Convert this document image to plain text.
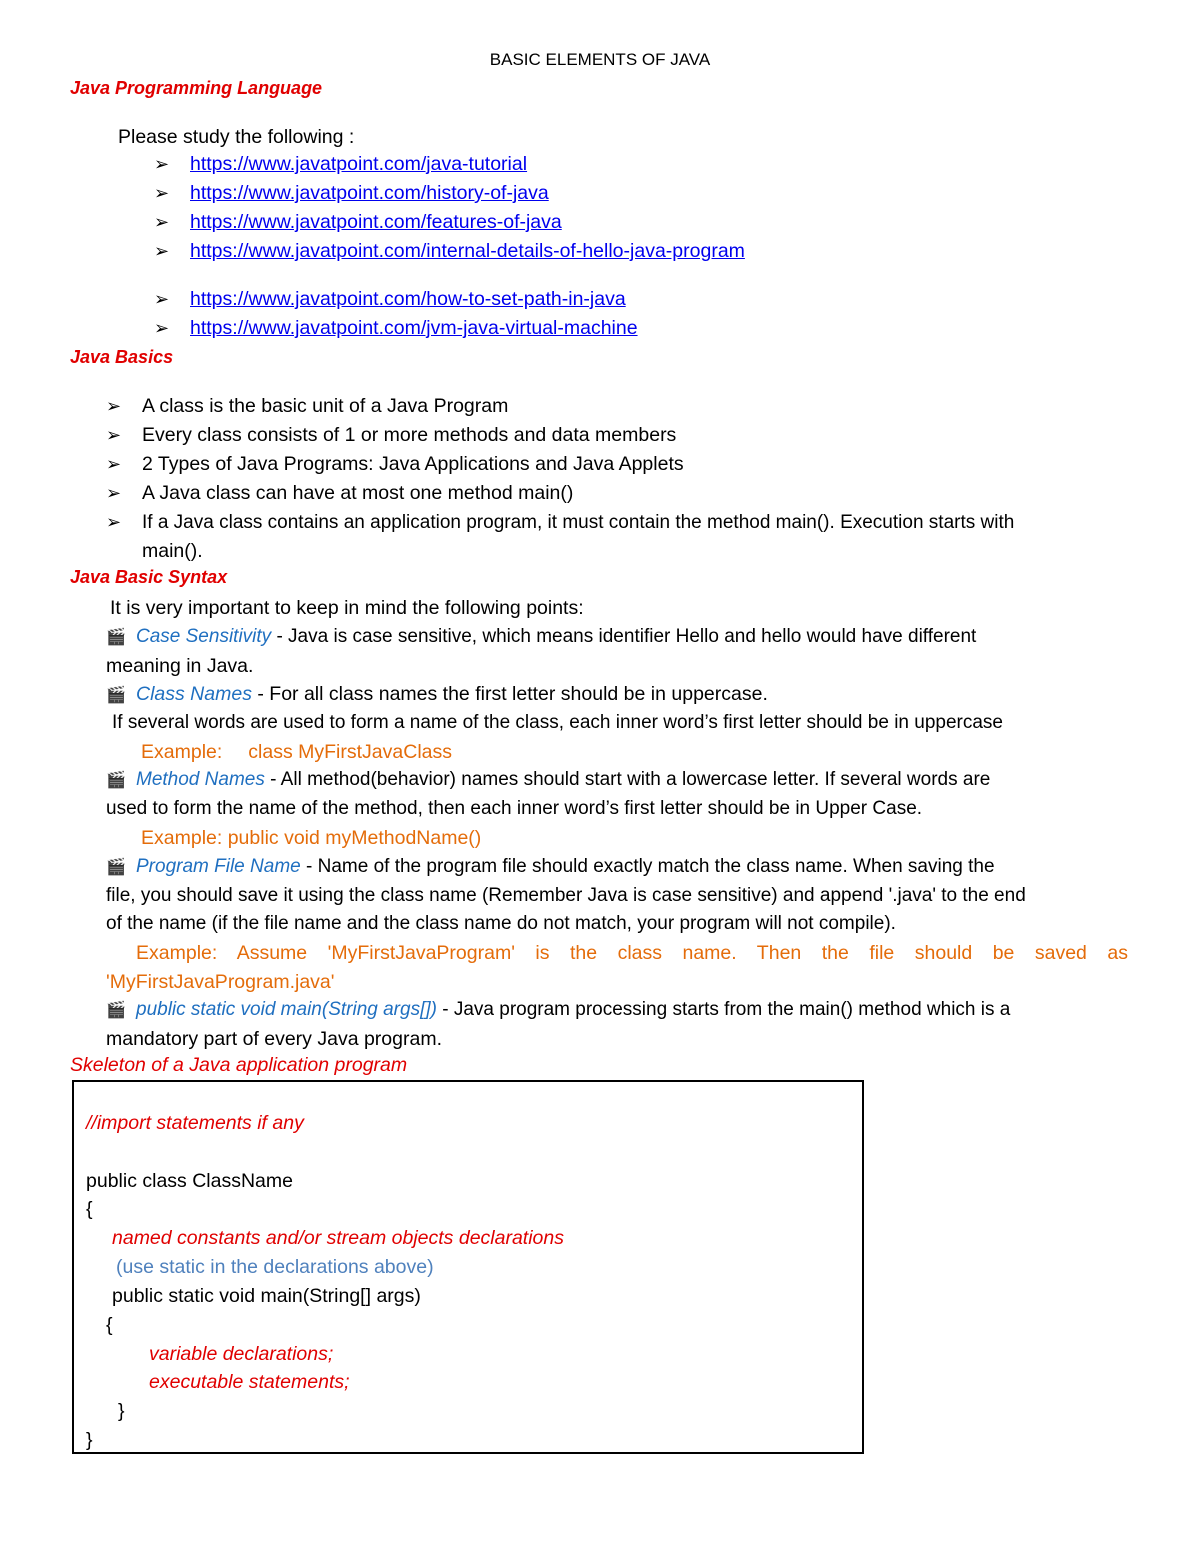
BASIC ELEMENTS OF JAVA
Java Programming Language
Please study the following :
➢ https://www.javatpoint.com/java-tutorial
➢ https://www.javatpoint.com/history-of-java
➢ https://www.javatpoint.com/features-of-java
➢ https://www.javatpoint.com/internal-details-of-hello-java-program
➢ https://www.javatpoint.com/how-to-set-path-in-java
➢ https://www.javatpoint.com/jvm-java-virtual-machine
Java Basics
➢ A class is the basic unit of a Java Program
➢ Every class consists of 1 or more methods and data members
➢ 2 Types of Java Programs: Java Applications and Java Applets
➢ A Java class can have at most one method main()
➢ If a Java class contains an application program, it must contain the method main(). Execution starts with
main().
Java Basic Syntax
It is very important to keep in mind the following points:
🎬 Case Sensitivity - Java is case sensitive, which means identifier Hello and hello would have different
meaning in Java.
🎬 Class Names - For all class names the first letter should be in uppercase.
If several words are used to form a name of the class, each inner word’s first letter should be in uppercase
Example: class MyFirstJavaClass
🎬 Method Names - All method(behavior) names should start with a lowercase letter. If several words are
used to form the name of the method, then each inner word’s first letter should be in Upper Case.
Example: public void myMethodName()
🎬 Program File Name - Name of the program file should exactly match the class name. When saving the
file, you should save it using the class name (Remember Java is case sensitive) and append '.java' to the end
of the name (if the file name and the class name do not match, your program will not compile).
Example: Assume 'MyFirstJavaProgram' is the class name. Then the file should be saved as
'MyFirstJavaProgram.java'
🎬 public static void main(String args[]) - Java program processing starts from the main() method which is a
mandatory part of every Java program.
Skeleton of a Java application program
//import statements if any
public class ClassName
{
named constants and/or stream objects declarations
(use static in the declarations above)
public static void main(String[] args)
{
variable declarations;
executable statements;
}
}
